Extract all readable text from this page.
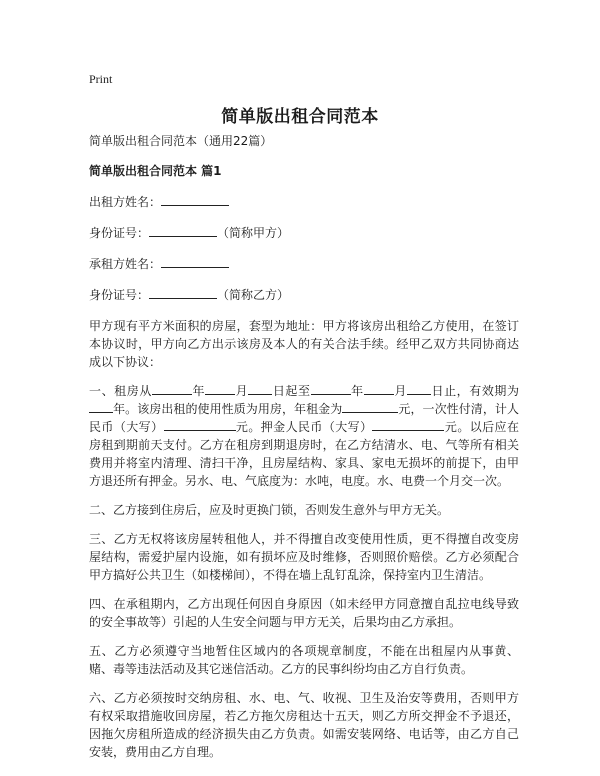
Print
简单版出租合同范本
简单版出租合同范本（通用22篇）
简单版出租合同范本 篇1
出租方姓名：
身份证号：	（简称甲方）
承租方姓名：
身份证号：	（简称乙方）

甲方现有平方米面积的房屋，套型为地址：甲方将该房出租给乙方使用，在签订本协议时，甲方向乙方出示该房及本人的有关合法手续。经甲乙双方共同协商达成以下协议：

一、租房从	年	月 日起至	年	月 日止，有效期为年。该房出租的使用性质为用房，年租金为	元，一次性付清，计人民币（大写）	元。押金人民币（大写）	元。以后应在房租到期前天支付。乙方在租房到期退房时，在乙方结清水、电、气等所有相关费用并将室内清理、清扫干净，且房屋结构、家具、家电无损坏的前提下，由甲方退还所有押金。另水、电、气底度为：水吨，电度。水、电费一个月交一次。

二、乙方接到住房后，应及时更换门锁，否则发生意外与甲方无关。

三、乙方无权将该房屋转租他人，并不得擅自改变使用性质，更不得擅自改变房屋结构，需爱护屋内设施，如有损坏应及时维修，否则照价赔偿。乙方必须配合甲方搞好公共卫生（如楼梯间），不得在墙上乱钉乱涂，保持室内卫生清洁。

四、在承租期内，乙方出现任何因自身原因（如未经甲方同意擅自乱拉电线导致的安全事故等）引起的人生安全问题与甲方无关，后果均由乙方承担。

五、乙方必须遵守当地暂住区域内的各项规章制度，不能在出租屋内从事黄、赌、毒等违法活动及其它迷信活动。乙方的民事纠纷均由乙方自行负责。

六、乙方必须按时交纳房租、水、电、气、收视、卫生及治安等费用，否则甲方有权采取措施收回房屋，若乙方拖欠房租达十五天，则乙方所交押金不予退还，因拖欠房租所造成的经济损失由乙方负责。如需安装网络、电话等，由乙方自己安装，费用由乙方自理。
